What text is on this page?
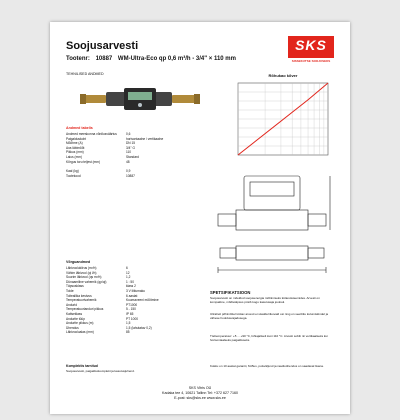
Soojusarvesti	SKS
SISSEKUTSE SOOJUSEKS
Tootenr: 10887 WM-Ultra-Eco qp 0,6 m³/h - 3/4" × 110 mm
TEHNILISED ANDMED	Rõhukao kõver
Andmed tabelis
Andmed meeskonna võrdlusväärtus	0,6
Paigalduskoht	horisontaalne / vertikaalne
Mõõtme (A)	DN 15
Ava läbimõõt	3/4" G
Pikkus (mm)	110
Laius (mm)	Standard
Kõrgus toru teljest (mm)	48
Kaal (kg)	0,9
Tootekood	10887
Võrguandmed
Läbivoolukiirus (m³/h)	6
Vähim läbivool (qi l/h)	12
Suurim läbivool (qs m³/h)	1,2
Dünaamiline vahemik (qp/qi)	1 : 50
Täpsusklass	klass 2
Toide	3 V liitiumaku
Toiteallika kestvus	6 aastat
Temperatuurivahemik	Kuumaveeni mõõtmine
Andurid	PT1000
Temperatuurianduri pikkus	5 - 150
Kaitseklass	IP 65
Andurite tüüp	PT 1000
Andurite pikkus (m)	1,5
Ühendus	1,5 (lahutatav 0,2)
Läbivoolualas (mm)	85
SPETSIFIKATSIOON
Soojusarvesti on mõeldud soojusenergia mõõtmiseks küttesüsteemides. Arvesti on kompaktne, mõõtetäpsus püsib kogu kasutusaja jooksul.
Ultraheli põhimõttel töötav arvesti ei sisalda liikuvaid osi ning on seetõttu kulumiskindel ja vähese hooldusvajadusega.
Töötemperatuur: +5 ... +90 °C, lühiajaliselt kuni 110 °C. Arvesti sobib nii vertikaalseks kui horisontaalseks paigalduseks.
Kokku on 10 aastat garantii, M-Bus, pulsväljund ja raadioühendus on saadaval lisana.
Komplektis tarnitud
Soojusarvesti, paigalduskomplekt ja kasutusjuhend.
SKS Vitris OÜ
Kadaka tee 4, 10621 Tallinn Tel: +372 627 7160
E-post: sks@sks.ee www.sks.ee
